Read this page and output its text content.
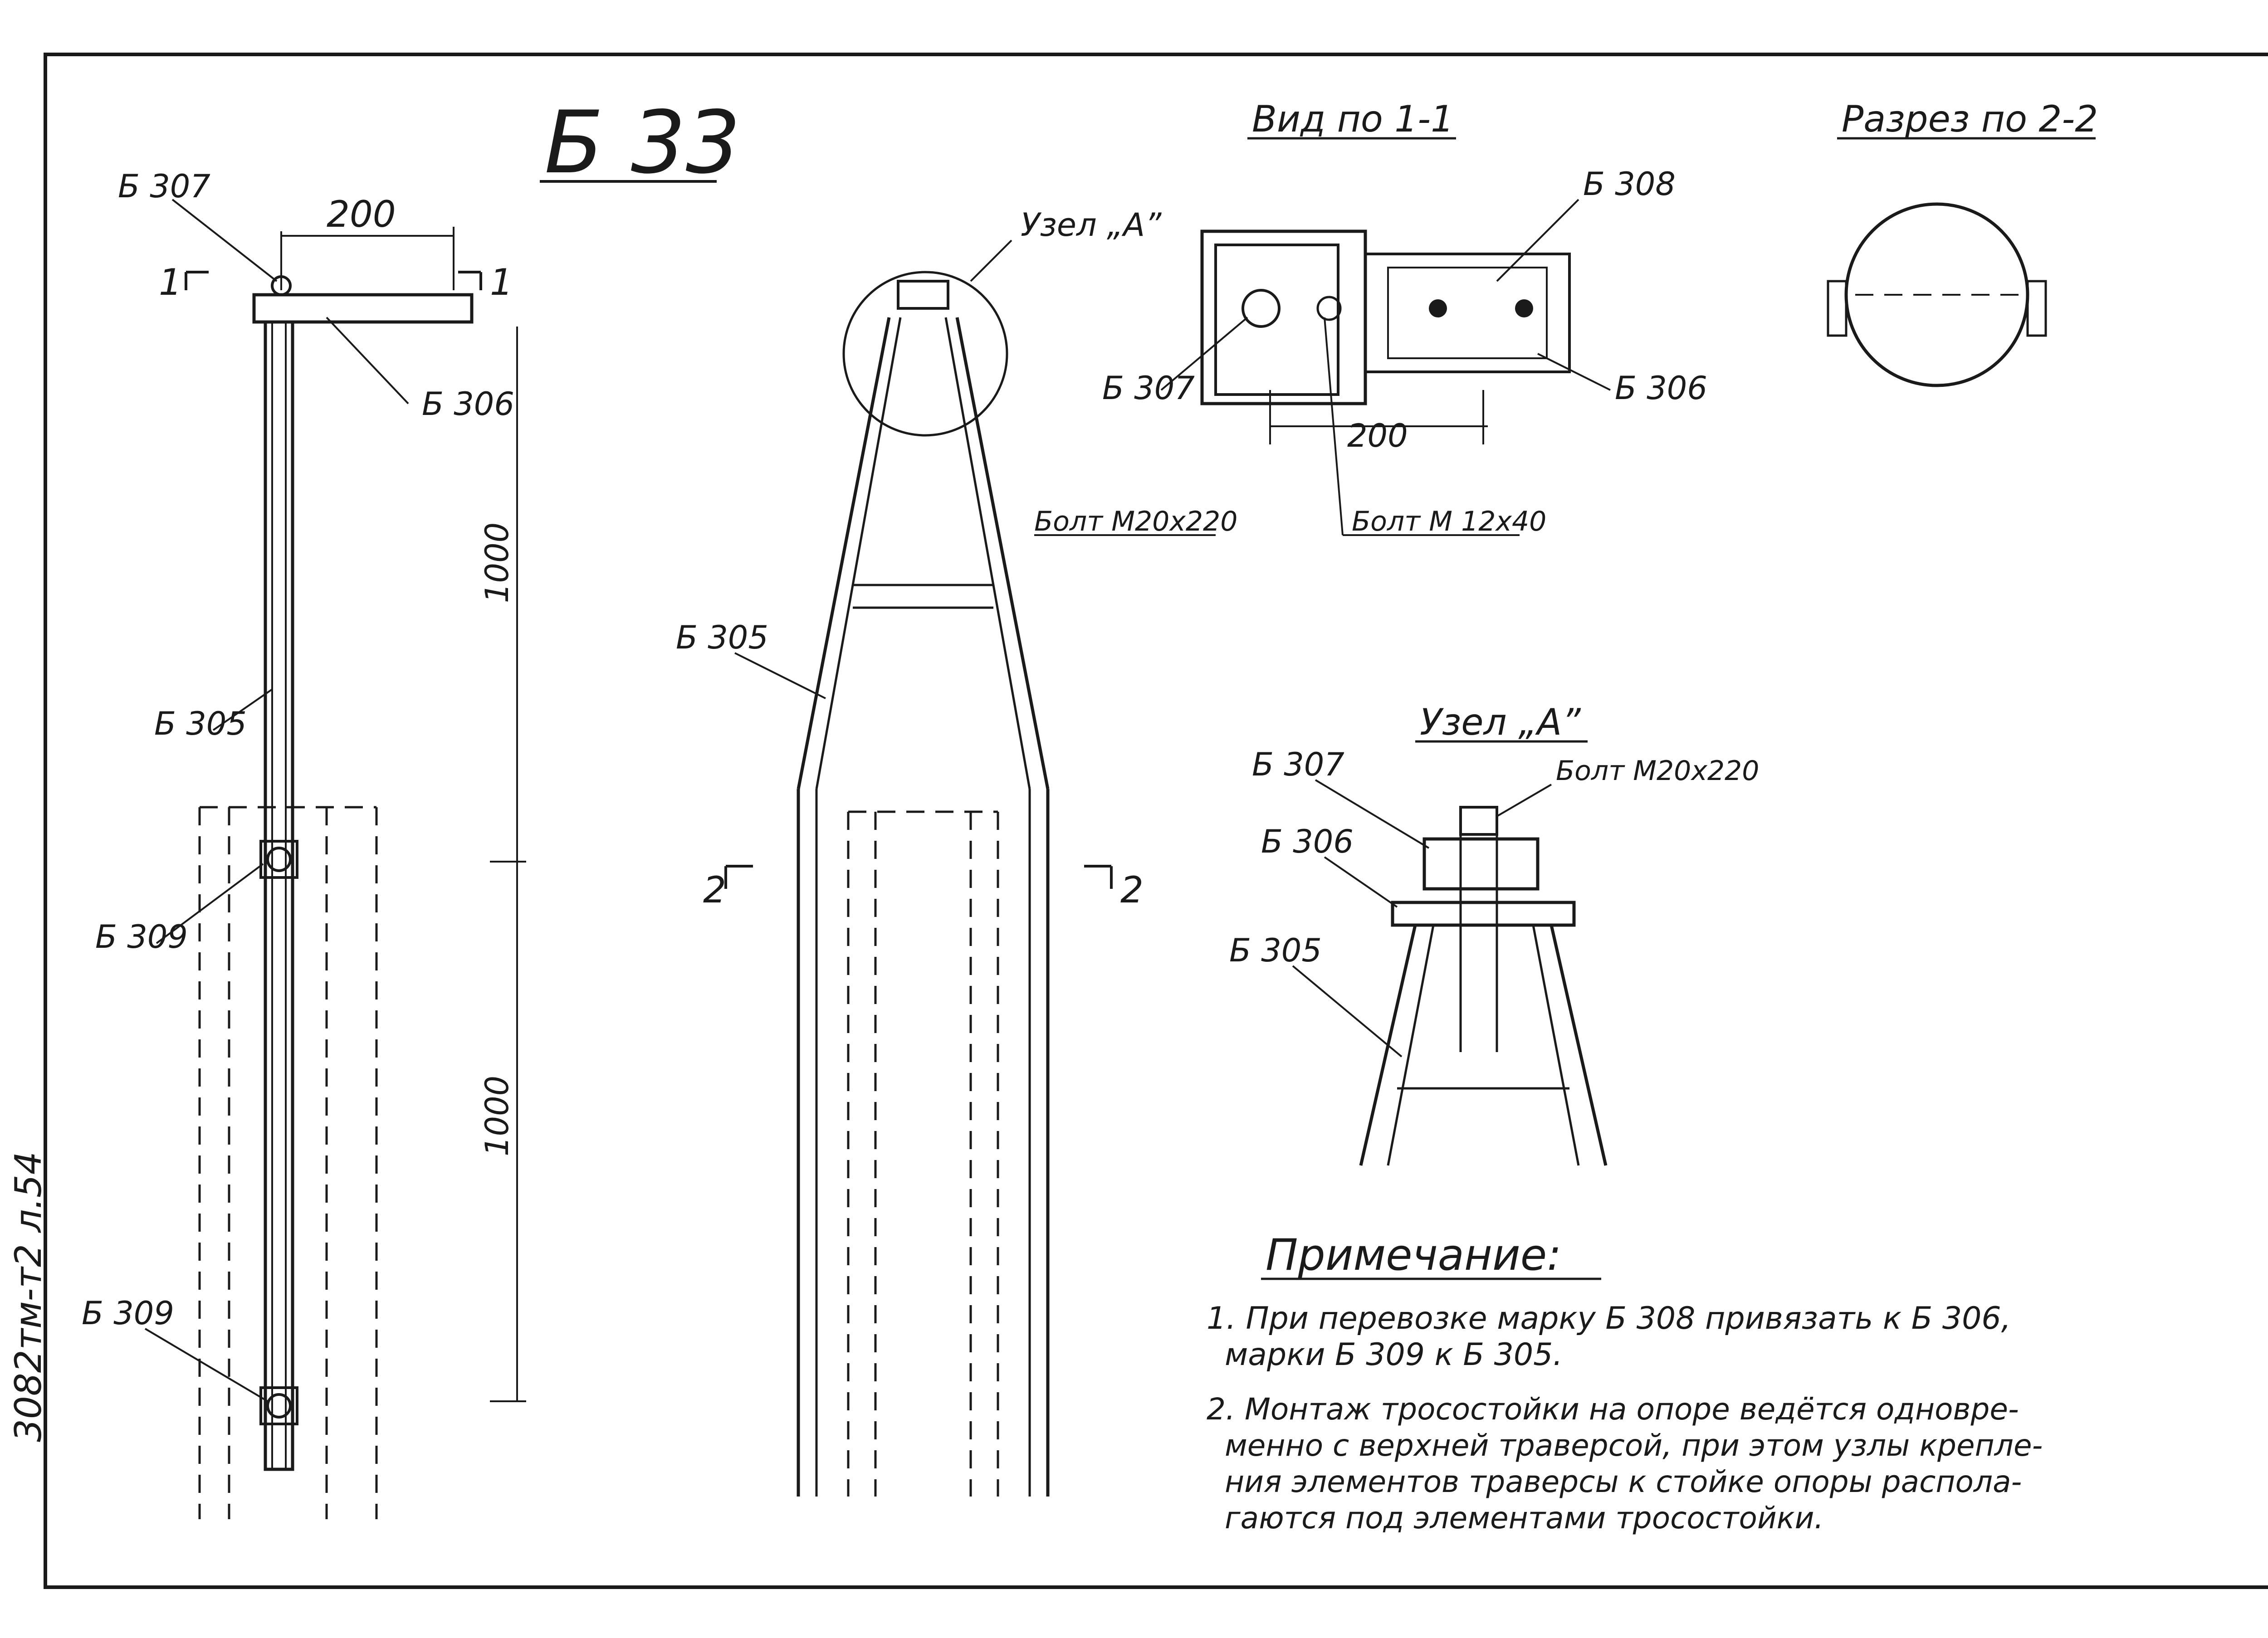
3082тм-т2 л.54
Б 33
200
1	1
1000
1000
Б 307
Б 306
Б 305
Б 309
Б 309
Узел „А”
Б 305
2	2
Вид по 1-1
200
Б 308
Б 307	Б 306
Болт М20х220	Болт М 12х40
Разрез по 2-2
Узел „А”
Болт М20х220
Б 307
Б 306
Б 305
Примечание:
1. При перевозке марку Б 308 привязать к Б 306,
марки Б 309 к Б 305.
2. Монтаж тросостойки на опоре ведётся одновре-
менно с верхней траверсой, при этом узлы крепле-
ния элементов траверсы к стойке опоры распола-
гаются под элементами тросостойки.
